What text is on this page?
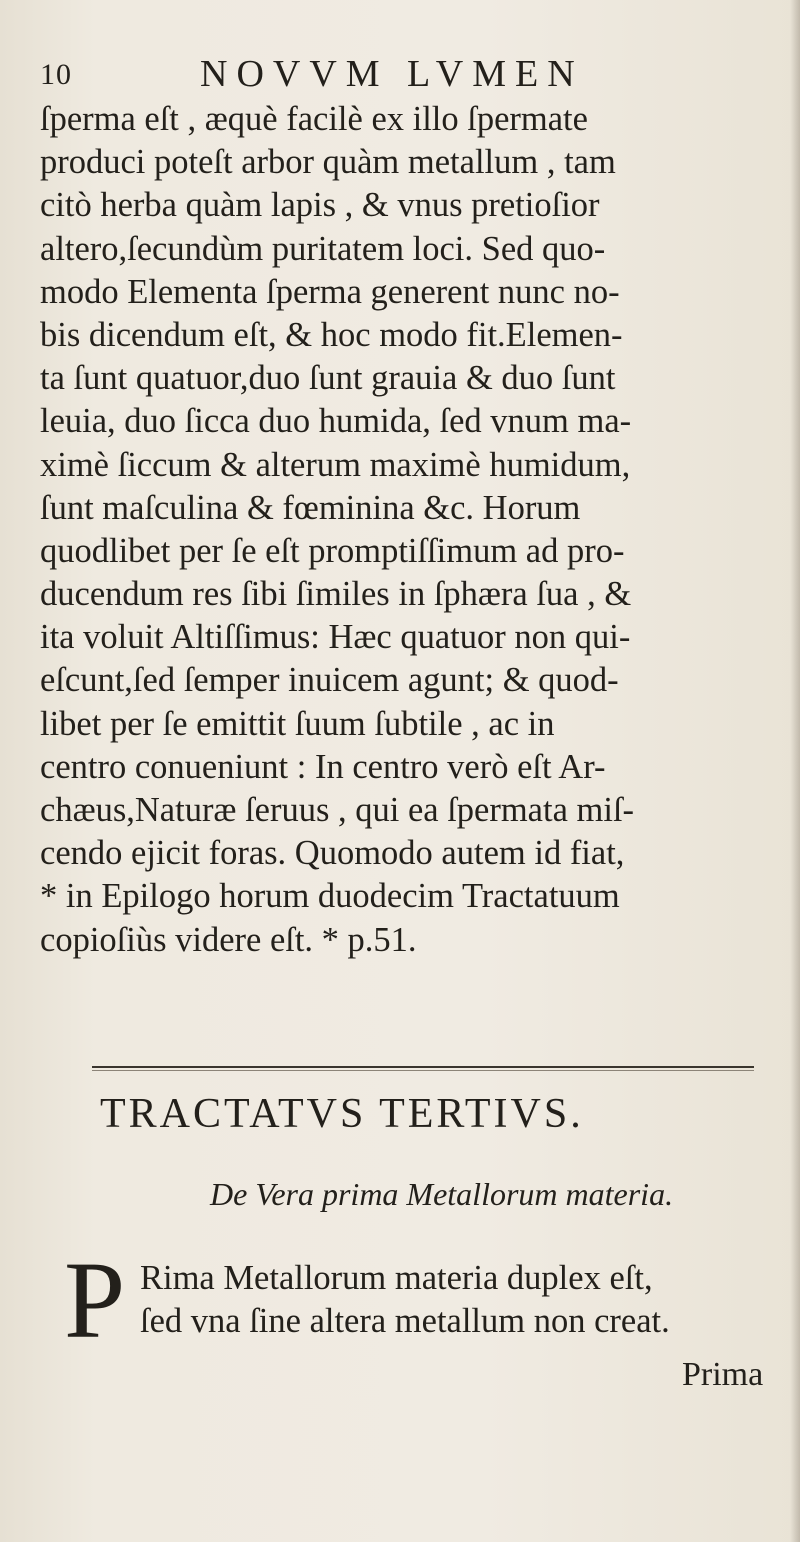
10	NOVVM LVMEN
ſperma eſt , æquè facilè ex illo ſpermate
produci poteſt arbor quàm metallum , tam
citò herba quàm lapis , & vnus pretioſior
altero,ſecundùm puritatem loci. Sed quo-
modo Elementa ſperma generent nunc no-
bis dicendum eſt, & hoc modo fit.Elemen-
ta ſunt quatuor,duo ſunt grauia & duo ſunt
leuia, duo ſicca duo humida, ſed vnum ma-
ximè ſiccum & alterum maximè humidum,
ſunt maſculina & fœminina &c. Horum
quodlibet per ſe eſt promptiſſimum ad pro-
ducendum res ſibi ſimiles in ſphæra ſua , &
ita voluit Altiſſimus: Hæc quatuor non qui-
eſcunt,ſed ſemper inuicem agunt; & quod-
libet per ſe emittit ſuum ſubtile , ac in
centro conueniunt : In centro verò eſt Ar-
chæus,Naturæ ſeruus , qui ea ſpermata miſ-
cendo ejicit foras. Quomodo autem id fiat,
* in Epilogo horum duodecim Tractatuum
copioſiùs videre eſt. * p.51.
TRACTATVS TERTIVS.
De Vera prima Metallorum materia.
P Rima Metallorum materia duplex eſt,
ſed vna ſine altera metallum non creat.
Prima
